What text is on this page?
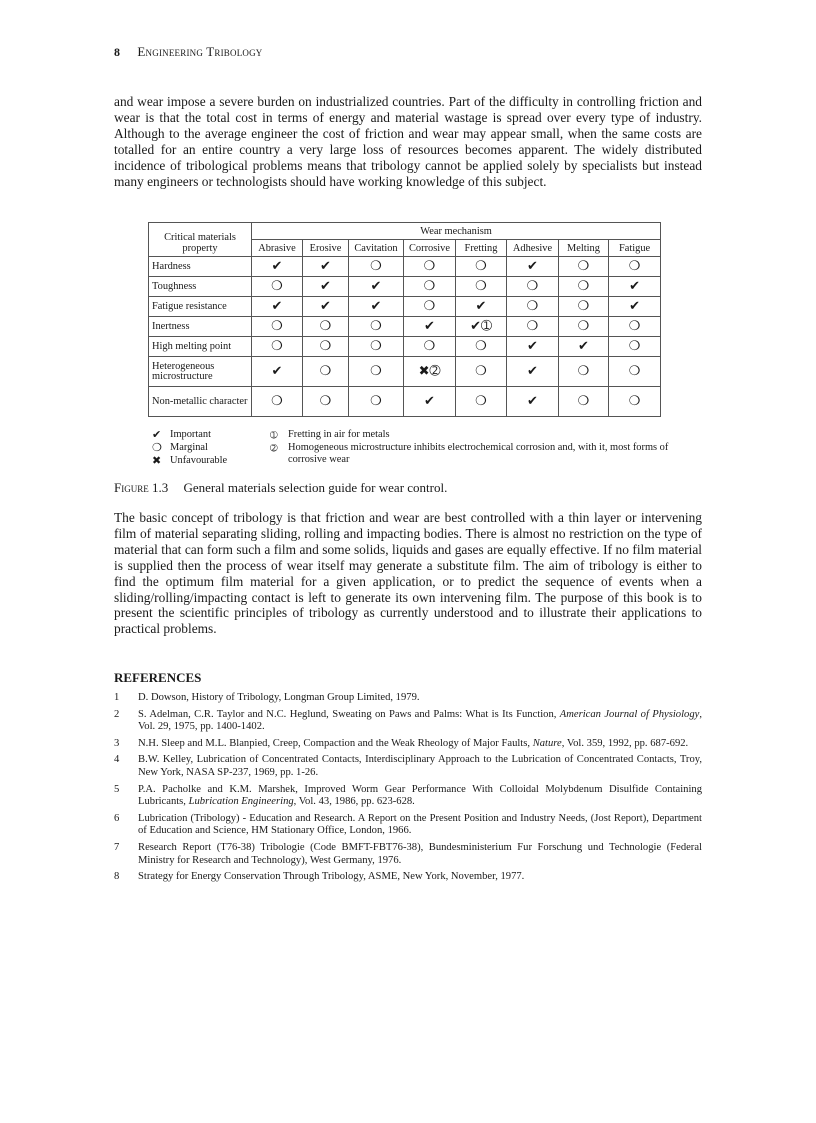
8 Engineering Tribology

and wear impose a severe burden on industrialized countries. Part of the difficulty in controlling friction and wear is that the total cost in terms of energy and material wastage is spread over every type of industry. Although to the average engineer the cost of friction and wear may appear small, when the same costs are totalled for an entire country a very large loss of resources becomes apparent. The widely distributed incidence of tribological problems means that tribology cannot be applied solely by specialists but instead many engineers or technologists should have working knowledge of this subject.

Critical materials property	Wear mechanism							
	Abrasive	Erosive	Cavitation	Corrosive	Fretting	Adhesive	Melting	Fatigue
Hardness	✔	✔	❍	❍	❍	✔	❍	❍
Toughness	❍	✔	✔	❍	❍	❍	❍	✔
Fatigue resistance	✔	✔	✔	❍	✔	❍	❍	✔
Inertness	❍	❍	❍	✔	✔➀	❍	❍	❍
High melting point	❍	❍	❍	❍	❍	✔	✔	❍
Heterogeneous microstructure	✔	❍	❍	✖➁	❍	✔	❍	❍
Non-metallic character	❍	❍	❍	✔	❍	✔	❍	❍
✔ Important
❍ Marginal
✖ Unfavourable
➀ Fretting in air for metals
➁ Homogeneous microstructure inhibits electrochemical corrosion and, with it, most forms of corrosive wear
Figure 1.3 General materials selection guide for wear control.

The basic concept of tribology is that friction and wear are best controlled with a thin layer or intervening film of material separating sliding, rolling and impacting bodies. There is almost no restriction on the type of material that can form such a film and some solids, liquids and gases are equally effective. If no film material is supplied then the process of wear itself may generate a substitute film. The aim of tribology is either to find the optimum film material for a given application, or to predict the sequence of events when a sliding/rolling/impacting contact is left to generate its own intervening film. The purpose of this book is to present the scientific principles of tribology as currently understood and to illustrate their applications to practical problems.

REFERENCES
1 D. Dowson, History of Tribology, Longman Group Limited, 1979.
2 S. Adelman, C.R. Taylor and N.C. Heglund, Sweating on Paws and Palms: What is Its Function, American Journal of Physiology, Vol. 29, 1975, pp. 1400-1402.
3 N.H. Sleep and M.L. Blanpied, Creep, Compaction and the Weak Rheology of Major Faults, Nature, Vol. 359, 1992, pp. 687-692.
4 B.W. Kelley, Lubrication of Concentrated Contacts, Interdisciplinary Approach to the Lubrication of Concentrated Contacts, Troy, New York, NASA SP-237, 1969, pp. 1-26.
5 P.A. Pacholke and K.M. Marshek, Improved Worm Gear Performance With Colloidal Molybdenum Disulfide Containing Lubricants, Lubrication Engineering, Vol. 43, 1986, pp. 623-628.
6 Lubrication (Tribology) - Education and Research. A Report on the Present Position and Industry Needs, (Jost Report), Department of Education and Science, HM Stationary Office, London, 1966.
7 Research Report (T76-38) Tribologie (Code BMFT-FBT76-38), Bundesministerium Fur Forschung und Technologie (Federal Ministry for Research and Technology), West Germany, 1976.
8 Strategy for Energy Conservation Through Tribology, ASME, New York, November, 1977.
